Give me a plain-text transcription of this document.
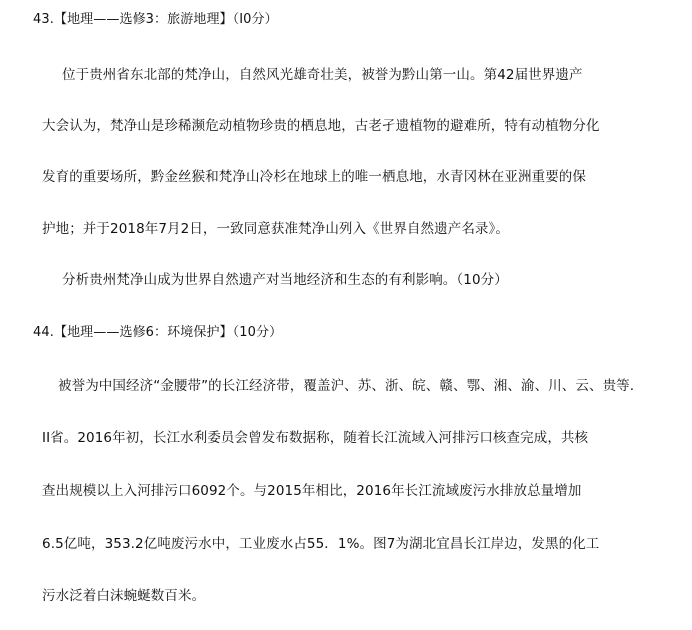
43.【地理——选修3：旅游地理】（I0分）
位于贵州省东北部的梵净山，自然风光雄奇壮美，被誉为黔山第一山。第42届世界遗产
大会认为，梵净山是珍稀濒危动植物珍贵的栖息地，古老孑遗植物的避难所，特有动植物分化
发育的重要场所，黔金丝猴和梵净山冷杉在地球上的唯一栖息地，水青冈林在亚洲重要的保
护地；并于2018年7月2日，一致同意获准梵净山列入《世界自然遗产名录》。
分析贵州梵净山成为世界自然遗产对当地经济和生态的有利影响。（10分）
44.【地理——选修6：环境保护】（10分）
被誉为中国经济“金腰带”的长江经济带，覆盖沪、苏、浙、皖、赣、鄂、湘、渝、川、云、贵等.
II省。2016年初，长江水利委员会曾发布数据称，随着长江流域入河排污口核查完成，共核
查出规模以上入河排污口6092个。与2015年相比，2016年长江流域废污水排放总量增加
6.5亿吨，353.2亿吨废污水中，工业废水占55．1%。图7为湖北宜昌长江岸边，发黑的化工
污水泛着白沫蜿蜒数百米。
